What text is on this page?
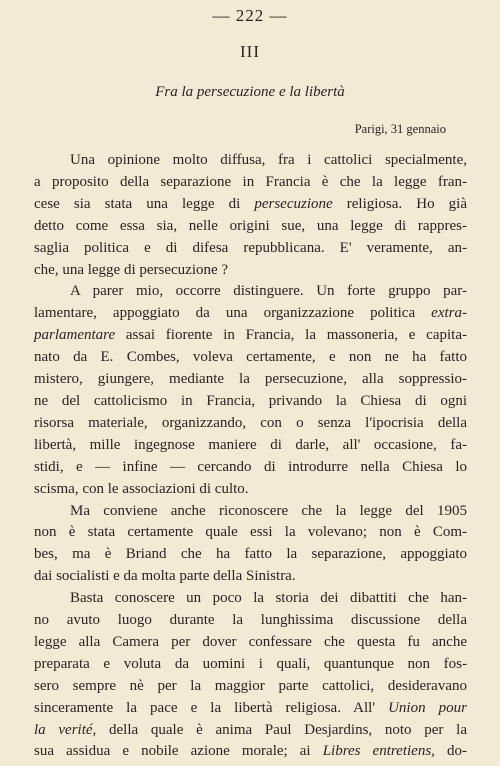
— 222 —
III
Fra la persecuzione e la libertà
Parigi, 31 gennaio
Una opinione molto diffusa, fra i cattolici specialmente,
a proposito della separazione in Francia è che la legge fran-
cese sia stata una legge di persecuzione religiosa. Ho già
detto come essa sia, nelle origini sue, una legge di rappres-
saglia politica e di difesa repubblicana. E' veramente, an-
che, una legge di persecuzione ?
A parer mio, occorre distinguere. Un forte gruppo par-
lamentare, appoggiato da una organizzazione politica extra-
parlamentare assai fiorente in Francia, la massoneria, e capita-
nato da E. Combes, voleva certamente, e non ne ha fatto
mistero, giungere, mediante la persecuzione, alla soppressio-
ne del cattolicismo in Francia, privando la Chiesa di ogni
risorsa materiale, organizzando, con o senza l'ipocrisia della
libertà, mille ingegnose maniere di darle, all' occasione, fa-
stidi, e — infine — cercando di introdurre nella Chiesa lo
scisma, con le associazioni di culto.
Ma conviene anche riconoscere che la legge del 1905
non è stata certamente quale essi la volevano; non è Com-
bes, ma è Briand che ha fatto la separazione, appoggiato
dai socialisti e da molta parte della Sinistra.
Basta conoscere un poco la storia dei dibattiti che han-
no avuto luogo durante la lunghissima discussione della
legge alla Camera per dover confessare che questa fu anche
preparata e voluta da uomini i quali, quantunque non fos-
sero sempre nè per la maggior parte cattolici, desideravano
sinceramente la pace e la libertà religiosa. All' Union pour
la verité, della quale è anima Paul Desjardins, noto per la
sua assidua e nobile azione morale; ai Libres entretiens, do-
